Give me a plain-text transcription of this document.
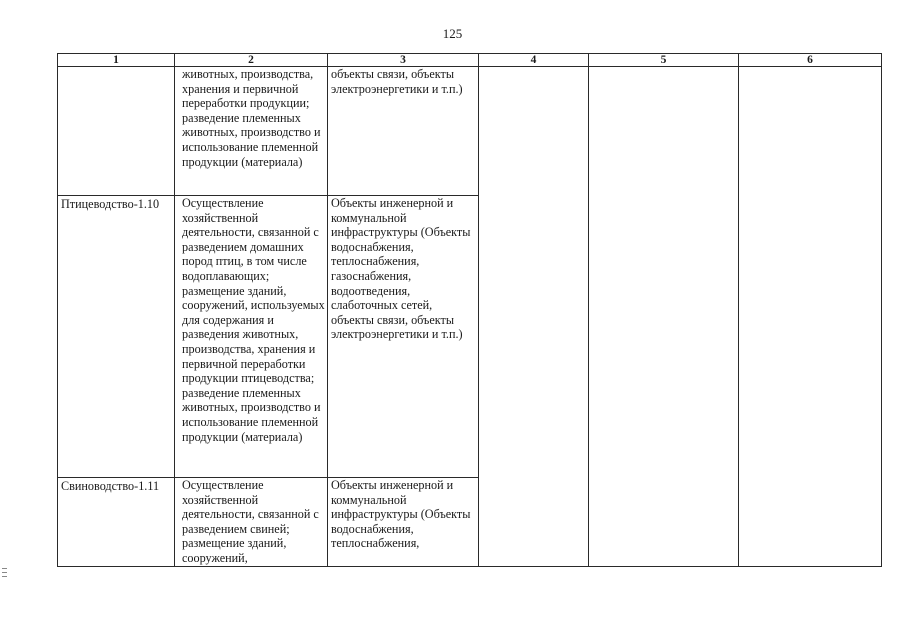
125
1	2	3	4	5	6
	животных, производства, хранения и первичной переработки продукции; разведение племенных животных, производство и использование племенной продукции (материала)	объекты связи, объекты электроэнергетики и т.п.)			
Птицеводство-1.10	Осуществление хозяйственной деятельности, связанной с разведением домашних пород птиц, в том числе водоплавающих; размещение зданий, сооружений, используемых для содержания и разведения животных, производства, хранения и первичной переработки продукции птицеводства; разведение племенных животных, производство и использование племенной продукции (материала)	Объекты инженерной и коммунальной инфраструктуры (Объекты водоснабжения, теплоснабжения, газоснабжения, водоотведения, слаботочных сетей, объекты связи, объекты электроэнергетики и т.п.)			
Свиноводство-1.11	Осуществление хозяйственной деятельности, связанной с разведением свиней; размещение зданий, сооружений,	Объекты инженерной и коммунальной инфраструктуры (Объекты водоснабжения, теплоснабжения,			
